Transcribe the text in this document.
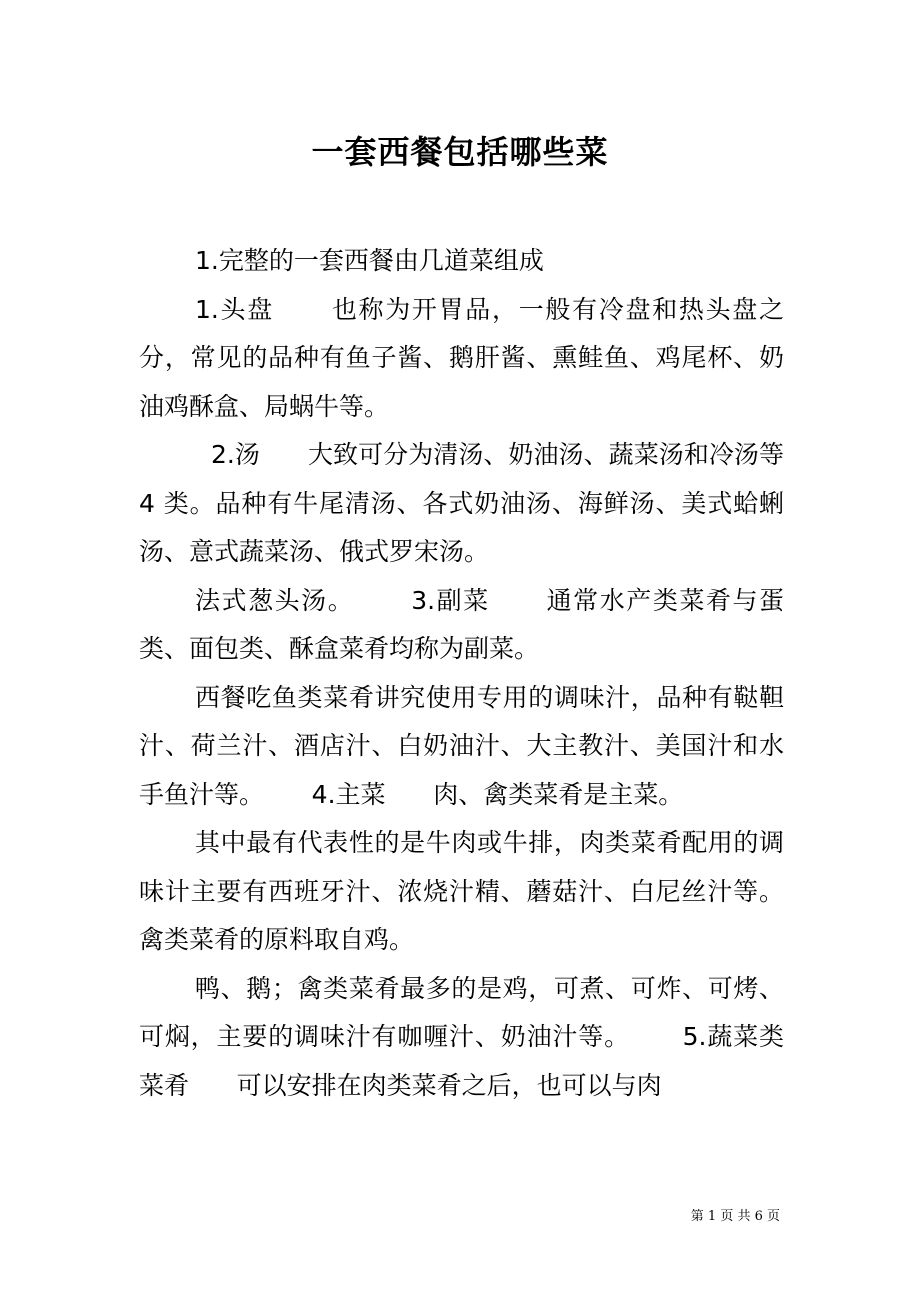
一套西餐包括哪些菜

1.完整的一套西餐由几道菜组成

1.头盘      也称为开胃品，一般有冷盘和热头盘之分，常见的品种有鱼子酱、鹅肝酱、熏鲑鱼、鸡尾杯、奶油鸡酥盒、局蜗牛等。

2.汤      大致可分为清汤、奶油汤、蔬菜汤和冷汤等 4 类。品种有牛尾清汤、各式奶油汤、海鲜汤、美式蛤蜊汤、意式蔬菜汤、俄式罗宋汤。

法式葱头汤。      3.副菜      通常水产类菜肴与蛋类、面包类、酥盒菜肴均称为副菜。

西餐吃鱼类菜肴讲究使用专用的调味汁，品种有鞑靼汁、荷兰汁、酒店汁、白奶油汁、大主教汁、美国汁和水手鱼汁等。      4.主菜      肉、禽类菜肴是主菜。

其中最有代表性的是牛肉或牛排，肉类菜肴配用的调味计主要有西班牙汁、浓烧汁精、蘑菇汁、白尼丝汁等。禽类菜肴的原料取自鸡。

鸭、鹅；禽类菜肴最多的是鸡，可煮、可炸、可烤、可焖，主要的调味汁有咖喱汁、奶油汁等。      5.蔬菜类菜肴      可以安排在肉类菜肴之后，也可以与肉

第 1 页 共 6 页
